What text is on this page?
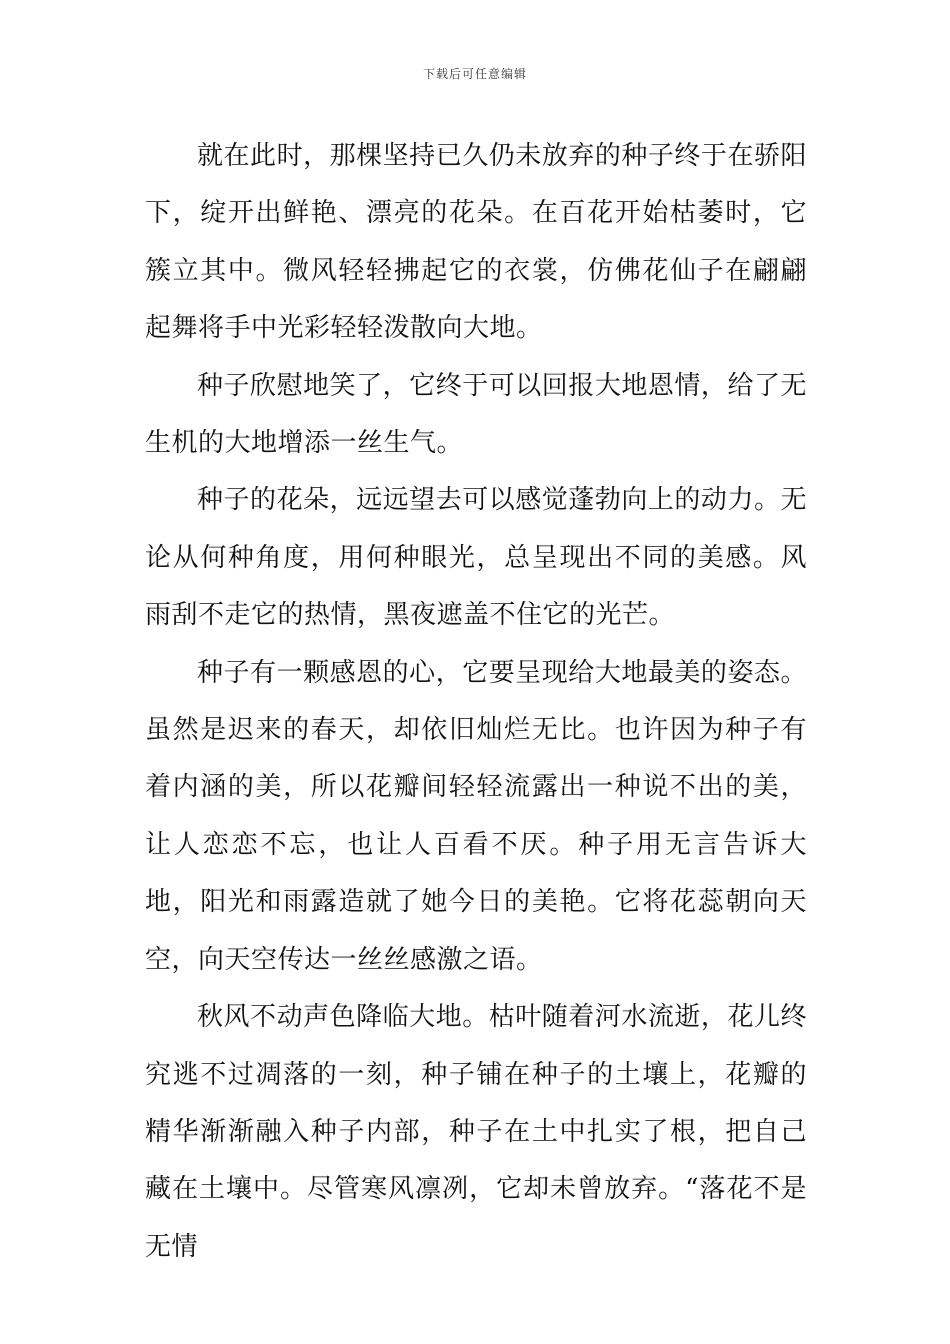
下载后可任意编辑

就在此时，那棵坚持已久仍未放弃的种子终于在骄阳下，绽开出鲜艳、漂亮的花朵。在百花开始枯萎时，它簇立其中。微风轻轻拂起它的衣裳，仿佛花仙子在翩翩起舞将手中光彩轻轻泼散向大地。

种子欣慰地笑了，它终于可以回报大地恩情，给了无生机的大地增添一丝生气。

种子的花朵，远远望去可以感觉蓬勃向上的动力。无论从何种角度，用何种眼光，总呈现出不同的美感。风雨刮不走它的热情，黑夜遮盖不住它的光芒。

种子有一颗感恩的心，它要呈现给大地最美的姿态。虽然是迟来的春天，却依旧灿烂无比。也许因为种子有着内涵的美，所以花瓣间轻轻流露出一种说不出的美，让人恋恋不忘，也让人百看不厌。种子用无言告诉大地，阳光和雨露造就了她今日的美艳。它将花蕊朝向天空，向天空传达一丝丝感激之语。

秋风不动声色降临大地。枯叶随着河水流逝，花儿终究逃不过凋落的一刻，种子铺在种子的土壤上，花瓣的精华渐渐融入种子内部，种子在土中扎实了根，把自己藏在土壤中。尽管寒风凛冽，它却未曾放弃。“落花不是无情
